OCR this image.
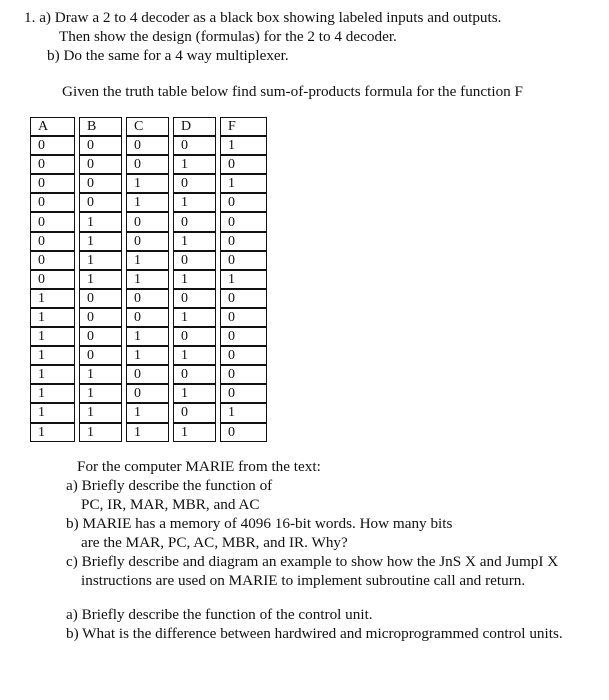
1. a) Draw a 2 to 4 decoder as a black box showing labeled inputs and outputs.
Then show the design (formulas) for the 2 to 4 decoder.
b) Do the same for a 4 way multiplexer.
Given the truth table below find sum-of-products formula for the function F
A		B		C		D		F
0		0		0		0		1
0		0		0		1		0
0		0		1		0		1
0		0		1		1		0
0		1		0		0		0
0		1		0		1		0
0		1		1		0		0
0		1		1		1		1
1		0		0		0		0
1		0		0		1		0
1		0		1		0		0
1		0		1		1		0
1		1		0		0		0
1		1		0		1		0
1		1		1		0		1
1		1		1		1		0
For the computer MARIE from the text:
a) Briefly describe the function of
PC, IR, MAR, MBR, and AC
b) MARIE has a memory of 4096 16-bit words. How many bits
are the MAR, PC, AC, MBR, and IR. Why?
c) Briefly describe and diagram an example to show how the JnS X and JumpI X
instructions are used on MARIE to implement subroutine call and return.
a) Briefly describe the function of the control unit.
b) What is the difference between hardwired and microprogrammed control units.
